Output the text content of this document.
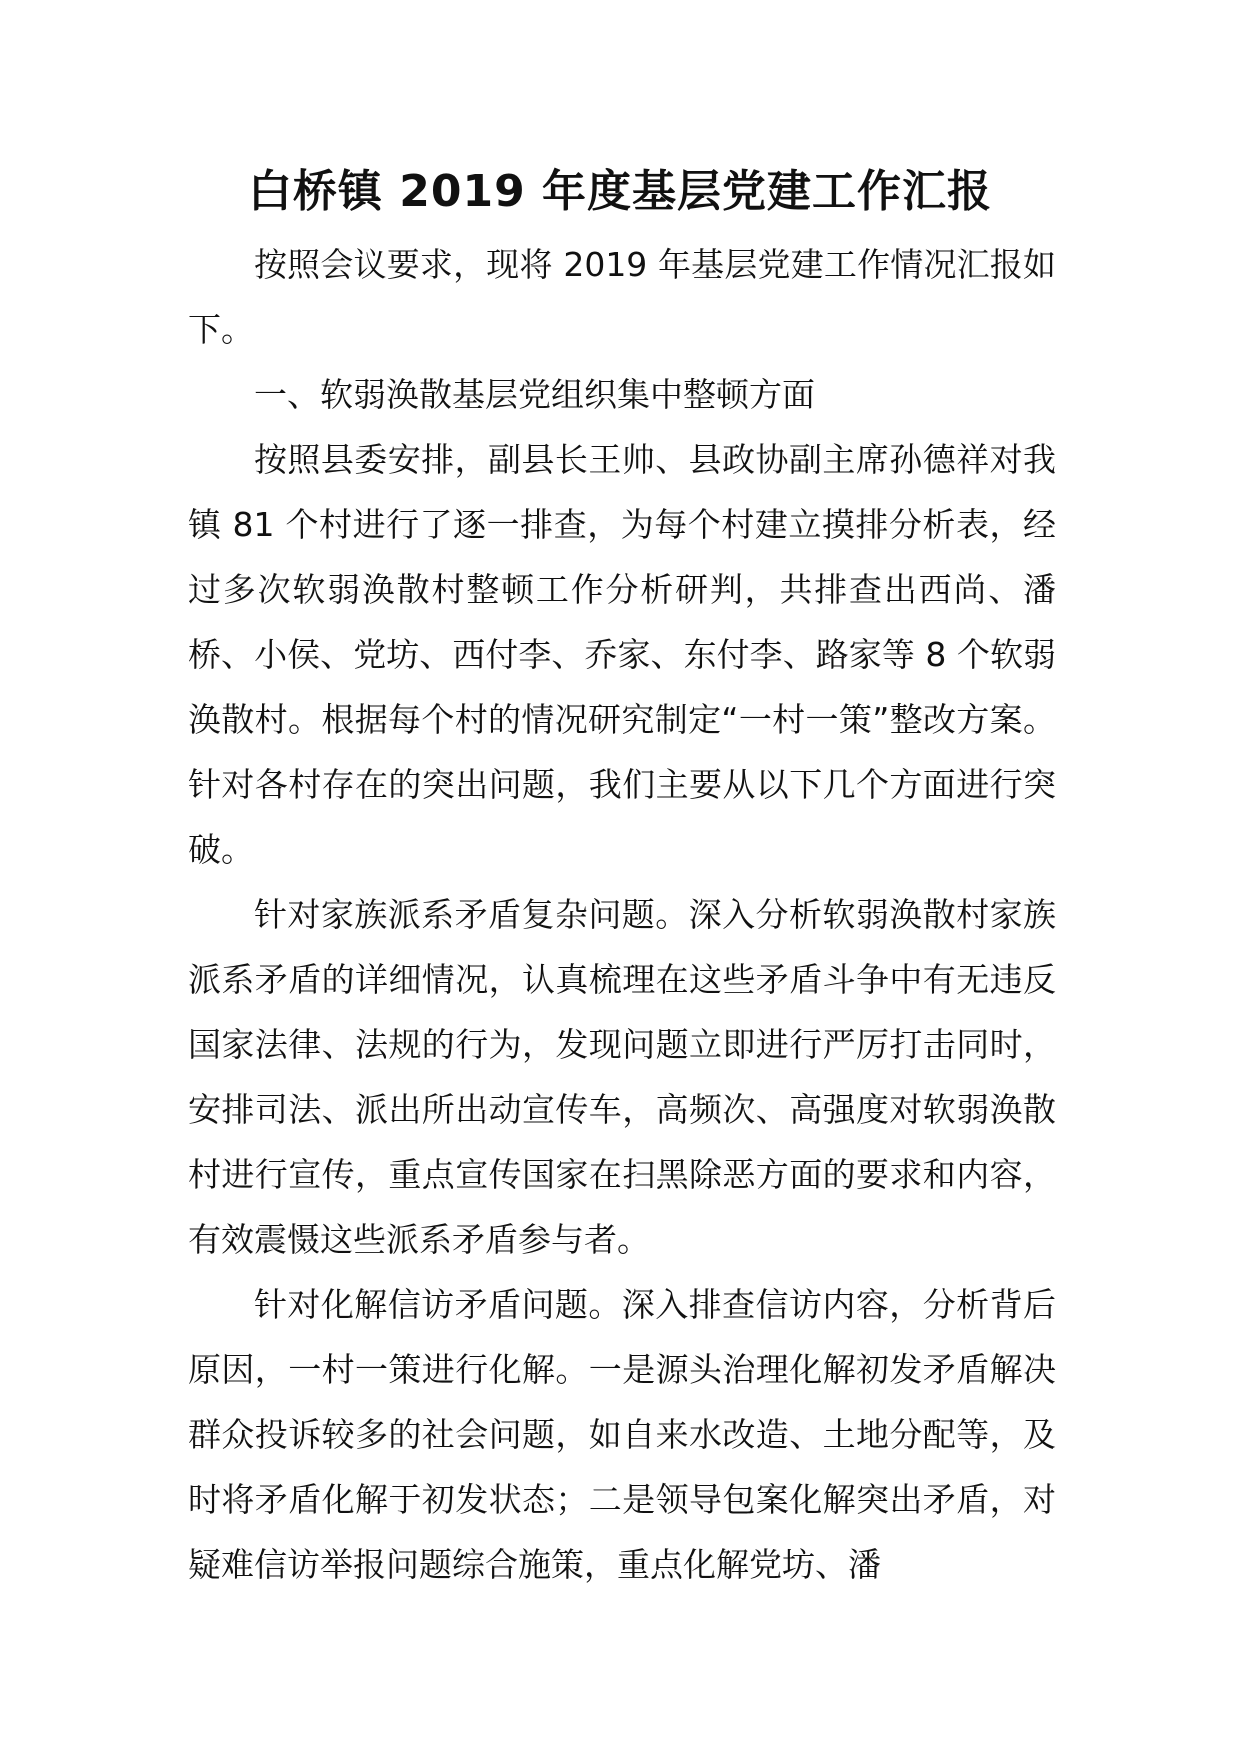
白桥镇 2019 年度基层党建工作汇报

按照会议要求，现将 2019 年基层党建工作情况汇报如下。

一、软弱涣散基层党组织集中整顿方面

按照县委安排，副县长王帅、县政协副主席孙德祥对我镇 81 个村进行了逐一排查，为每个村建立摸排分析表，经过多次软弱涣散村整顿工作分析研判，共排查出西尚、潘桥、小侯、党坊、西付李、乔家、东付李、路家等 8 个软弱涣散村。根据每个村的情况研究制定“一村一策”整改方案。针对各村存在的突出问题，我们主要从以下几个方面进行突破。

针对家族派系矛盾复杂问题。深入分析软弱涣散村家族派系矛盾的详细情况，认真梳理在这些矛盾斗争中有无违反国家法律、法规的行为，发现问题立即进行严厉打击同时，安排司法、派出所出动宣传车，高频次、高强度对软弱涣散村进行宣传，重点宣传国家在扫黑除恶方面的要求和内容，有效震慑这些派系矛盾参与者。

针对化解信访矛盾问题。深入排查信访内容，分析背后原因，一村一策进行化解。一是源头治理化解初发矛盾解决群众投诉较多的社会问题，如自来水改造、土地分配等，及时将矛盾化解于初发状态；二是领导包案化解突出矛盾，对疑难信访举报问题综合施策，重点化解党坊、潘
